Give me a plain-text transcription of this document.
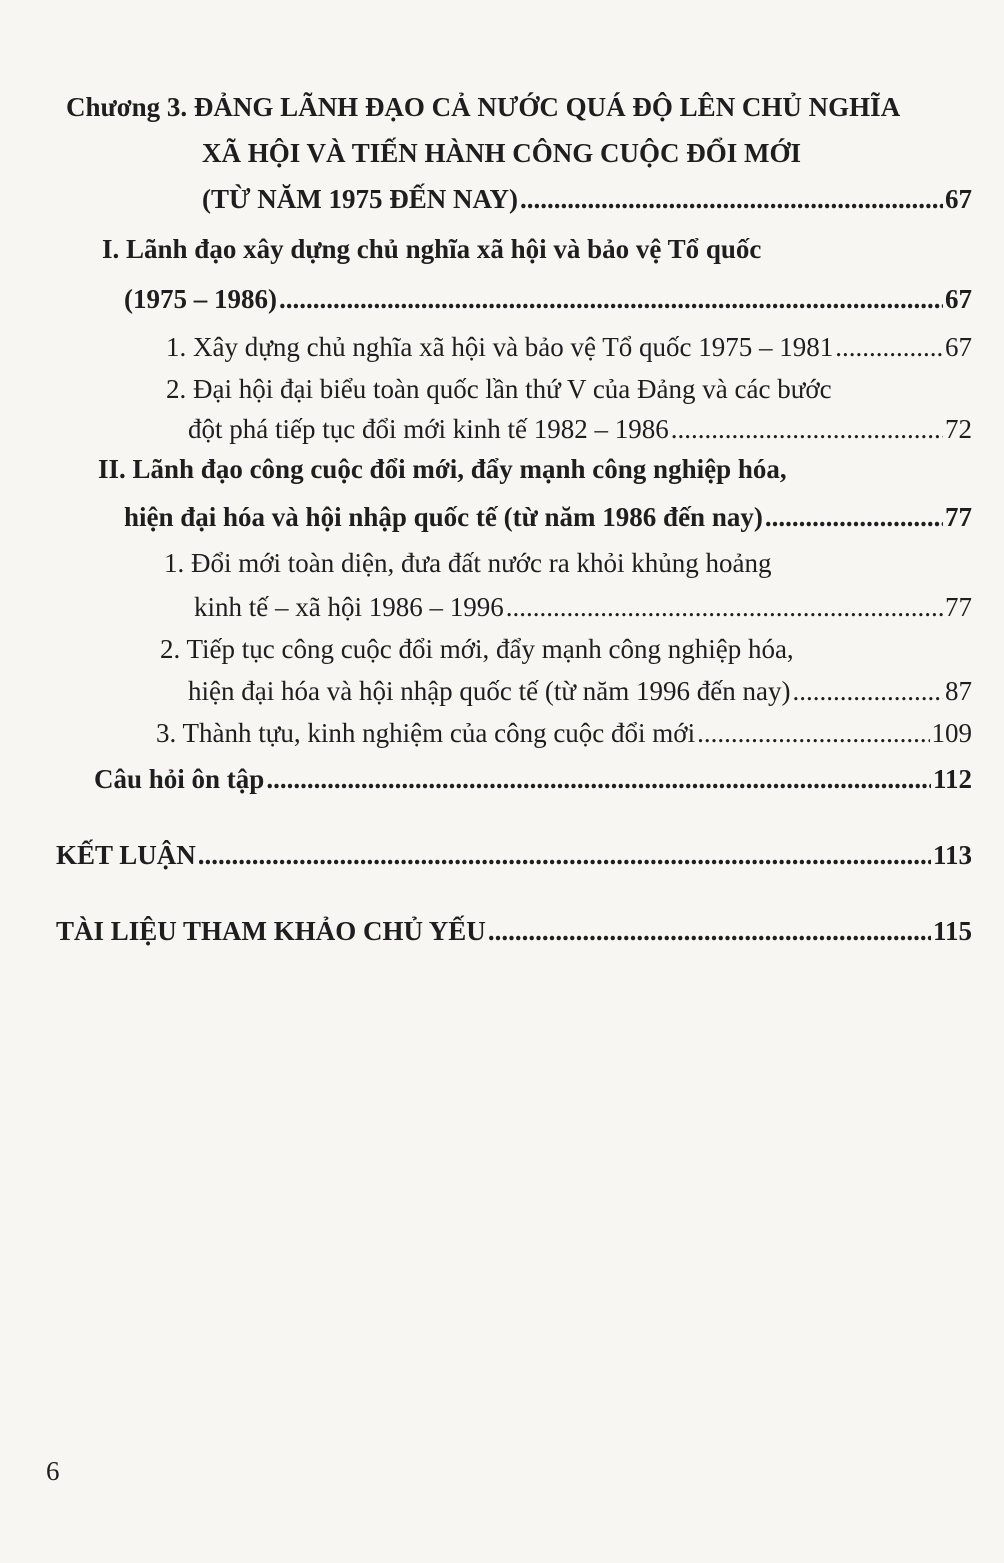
Chương 3. ĐẢNG LÃNH ĐẠO CẢ NƯỚC QUÁ ĐỘ LÊN CHỦ NGHĨA
XÃ HỘI VÀ TIẾN HÀNH CÔNG CUỘC ĐỔI MỚI
(TỪ NĂM 1975 ĐẾN NAY) .....	67
I. Lãnh đạo xây dựng chủ nghĩa xã hội và bảo vệ Tổ quốc
(1975 – 1986) .....	67
1. Xây dựng chủ nghĩa xã hội và bảo vệ Tổ quốc 1975 – 1981 .....	67
2. Đại hội đại biểu toàn quốc lần thứ V của Đảng và các bước
đột phá tiếp tục đổi mới kinh tế 1982 – 1986 .....	72
II. Lãnh đạo công cuộc đổi mới, đẩy mạnh công nghiệp hóa,
hiện đại hóa và hội nhập quốc tế (từ năm 1986 đến nay) .....	77
1. Đổi mới toàn diện, đưa đất nước ra khỏi khủng hoảng
kinh tế – xã hội 1986 – 1996 .....	77
2. Tiếp tục công cuộc đổi mới, đẩy mạnh công nghiệp hóa,
hiện đại hóa và hội nhập quốc tế (từ năm 1996 đến nay) .....	87
3. Thành tựu, kinh nghiệm của công cuộc đổi mới .....	109
Câu hỏi ôn tập .....	112
KẾT LUẬN .....	113
TÀI LIỆU THAM KHẢO CHỦ YẾU .....	115
6
